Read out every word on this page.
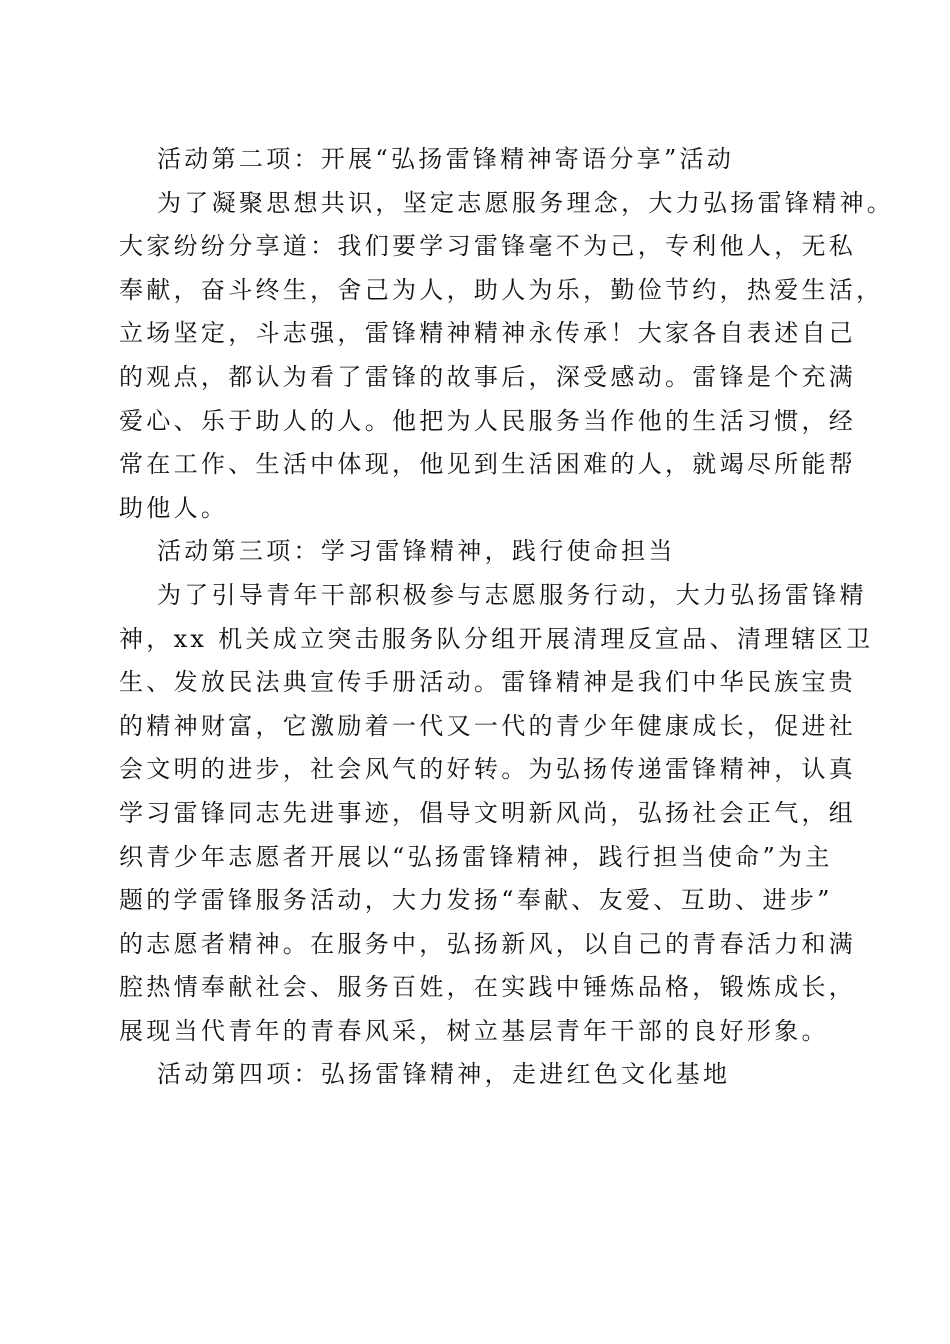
活动第二项：开展“弘扬雷锋精神寄语分享”活动
为了凝聚思想共识，坚定志愿服务理念，大力弘扬雷锋精神。
大家纷纷分享道：我们要学习雷锋毫不为己，专利他人，无私
奉献，奋斗终生，舍己为人，助人为乐，勤俭节约，热爱生活，
立场坚定，斗志强，雷锋精神精神永传承！大家各自表述自己
的观点，都认为看了雷锋的故事后，深受感动。雷锋是个充满
爱心、乐于助人的人。他把为人民服务当作他的生活习惯，经
常在工作、生活中体现，他见到生活困难的人，就竭尽所能帮
助他人。
活动第三项：学习雷锋精神，践行使命担当
为了引导青年干部积极参与志愿服务行动，大力弘扬雷锋精
神，xx 机关成立突击服务队分组开展清理反宣品、清理辖区卫
生、发放民法典宣传手册活动。雷锋精神是我们中华民族宝贵
的精神财富，它激励着一代又一代的青少年健康成长，促进社
会文明的进步，社会风气的好转。为弘扬传递雷锋精神，认真
学习雷锋同志先进事迹，倡导文明新风尚，弘扬社会正气，组
织青少年志愿者开展以“弘扬雷锋精神，践行担当使命”为主
题的学雷锋服务活动，大力发扬“奉献、友爱、互助、进步”
的志愿者精神。在服务中，弘扬新风，以自己的青春活力和满
腔热情奉献社会、服务百姓，在实践中锤炼品格，锻炼成长，
展现当代青年的青春风采，树立基层青年干部的良好形象。
活动第四项：弘扬雷锋精神，走进红色文化基地
